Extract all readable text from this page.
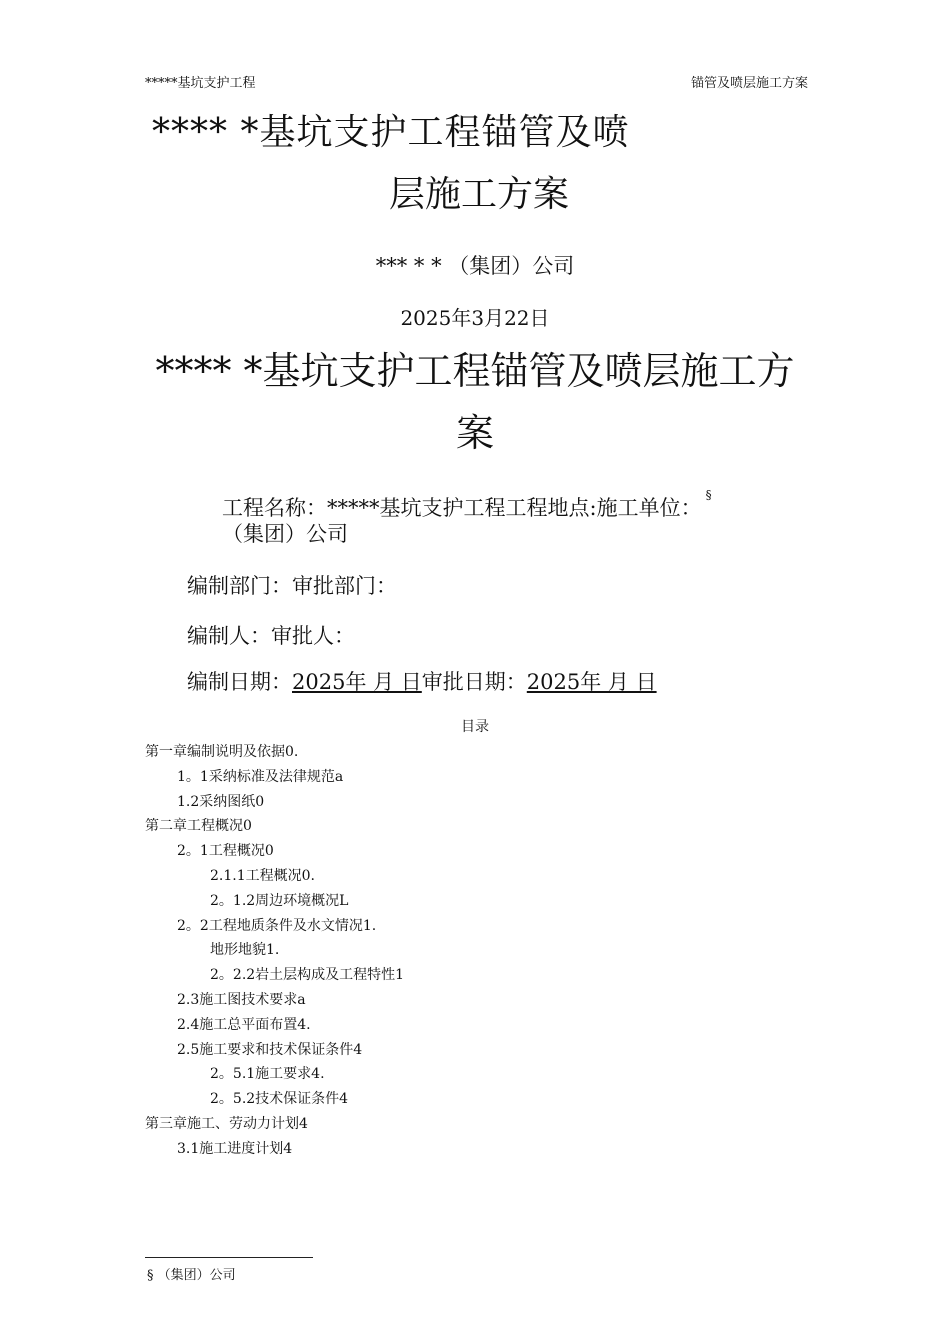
*****基坑支护工程	锚管及喷层施工方案
**** *基坑支护工程锚管及喷
层施工方案
*** * * （集团）公司
2025年3月22日
**** *基坑支护工程锚管及喷层施工方
案
工程名称：*****基坑支护工程工程地点:施工单位：§
（集团）公司
编制部门：审批部门：
编制人：审批人：
编制日期：2025年 月 日审批日期：2025年 月 日
目录
第一章编制说明及依据0.
1。1采纳标准及法律规范a
1.2采纳图纸0
第二章工程概况0
2。1工程概况0
2.1.1工程概况0.
2。1.2周边环境概况L
2。2工程地质条件及水文情况1.
地形地貌1.
2。2.2岩土层构成及工程特性1
2.3施工图技术要求a
2.4施工总平面布置4.
2.5施工要求和技术保证条件4
2。5.1施工要求4.
2。5.2技术保证条件4
第三章施工、劳动力计划4
3.1施工进度计划4
§ （集团）公司
